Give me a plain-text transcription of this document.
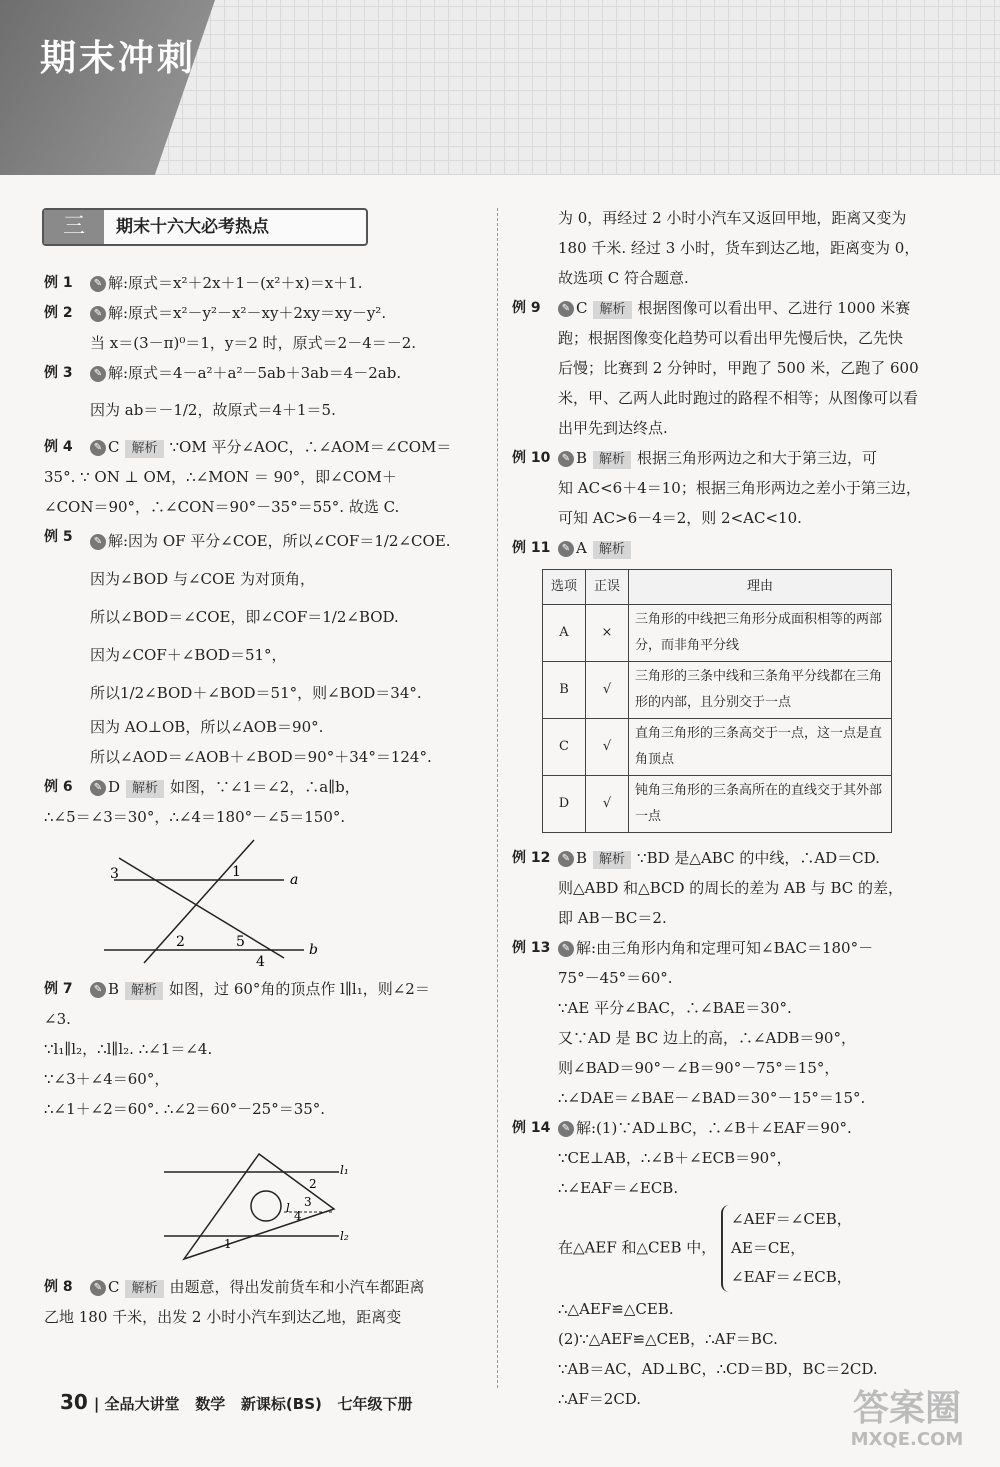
期末冲刺
三	期末十六大必考热点
例 1	✎ 解:原式＝x²＋2x＋1－(x²＋x)＝x＋1.
例 2	✎ 解:原式＝x²－y²－x²－xy＋2xy＝xy－y².
当 x＝(3－π)⁰＝1，y＝2 时，原式＝2－4＝－2.
例 3	✎ 解:原式＝4－a²＋a²－5ab＋3ab＝4－2ab.
因为 ab＝－1/2，故原式＝4＋1＝5.
例 4	✎ C 解析 ∵OM 平分∠AOC，∴∠AOM＝∠COM＝
35°. ∵ ON ⊥ OM，∴∠MON ＝ 90°，即∠COM＋
∠CON＝90°，∴∠CON＝90°－35°＝55°. 故选 C.
例 5	✎ 解:因为 OF 平分∠COE，所以∠COF＝1/2∠COE.
因为∠BOD 与∠COE 为对顶角，
所以∠BOD＝∠COE，即∠COF＝1/2∠BOD.
因为∠COF＋∠BOD＝51°，
所以1/2∠BOD＋∠BOD＝51°，则∠BOD＝34°.
因为 AO⊥OB，所以∠AOB＝90°.
所以∠AOD＝∠AOB＋∠BOD＝90°＋34°＝124°.
例 6	✎ D 解析 如图，∵∠1＝∠2，∴a∥b，
∴∠5＝∠3＝30°，∴∠4＝180°－∠5＝150°.
3	1
2	5
4
a
b
例 7	✎ B 解析 如图，过 60°角的顶点作 l∥l₁，则∠2＝
∠3.
∵l₁∥l₂，∴l∥l₂. ∴∠1＝∠4.
∵∠3＋∠4＝60°，
∴∠1＋∠2＝60°. ∴∠2＝60°－25°＝35°.
l₁
l₂
l
2
3
4
1
例 8	✎ C 解析 由题意，得出发前货车和小汽车都距离
乙地 180 千米，出发 2 小时小汽车到达乙地，距离变
为 0，再经过 2 小时小汽车又返回甲地，距离又变为
180 千米. 经过 3 小时，货车到达乙地，距离变为 0，
故选项 C 符合题意.
例 9	✎ C 解析 根据图像可以看出甲、乙进行 1000 米赛
跑；根据图像变化趋势可以看出甲先慢后快，乙先快
后慢；比赛到 2 分钟时，甲跑了 500 米，乙跑了 600
米，甲、乙两人此时跑过的路程不相等；从图像可以看
出甲先到达终点.
例 10	✎ B 解析 根据三角形两边之和大于第三边，可
知 AC<6＋4＝10；根据三角形两边之差小于第三边，
可知 AC>6－4＝2，则 2<AC<10.
例 11	✎ A 解析
选项	正误	理由
A	×	三角形的中线把三角形分成面积相等的两部分，而非角平分线
B	√	三角形的三条中线和三条角平分线都在三角形的内部，且分别交于一点
C	√	直角三角形的三条高交于一点，这一点是直角顶点
D	√	钝角三角形的三条高所在的直线交于其外部一点
例 12	✎ B 解析 ∵BD 是△ABC 的中线，∴AD＝CD.
则△ABD 和△BCD 的周长的差为 AB 与 BC 的差，
即 AB－BC＝2.
例 13	✎ 解:由三角形内角和定理可知∠BAC＝180°－
75°－45°＝60°.
∵AE 平分∠BAC，∴∠BAE＝30°.
又∵AD 是 BC 边上的高，∴∠ADB＝90°，
则∠BAD＝90°－∠B＝90°－75°＝15°，
∴∠DAE＝∠BAE－∠BAD＝30°－15°＝15°.
例 14	✎ 解:(1)∵AD⊥BC，∴∠B＋∠EAF＝90°.
∵CE⊥AB，∴∠B＋∠ECB＝90°，
∴∠EAF＝∠ECB.
在△AEF 和△CEB 中，
∠AEF＝∠CEB，
AE＝CE，
∠EAF＝∠ECB，
∴△AEF≌△CEB.
(2)∵△AEF≌△CEB，∴AF＝BC.
∵AB＝AC，AD⊥BC，∴CD＝BD，BC＝2CD.
∴AF＝2CD.
30 | 全品大讲堂 数学 新课标(BS) 七年级下册	答案圈
MXQE.COM
